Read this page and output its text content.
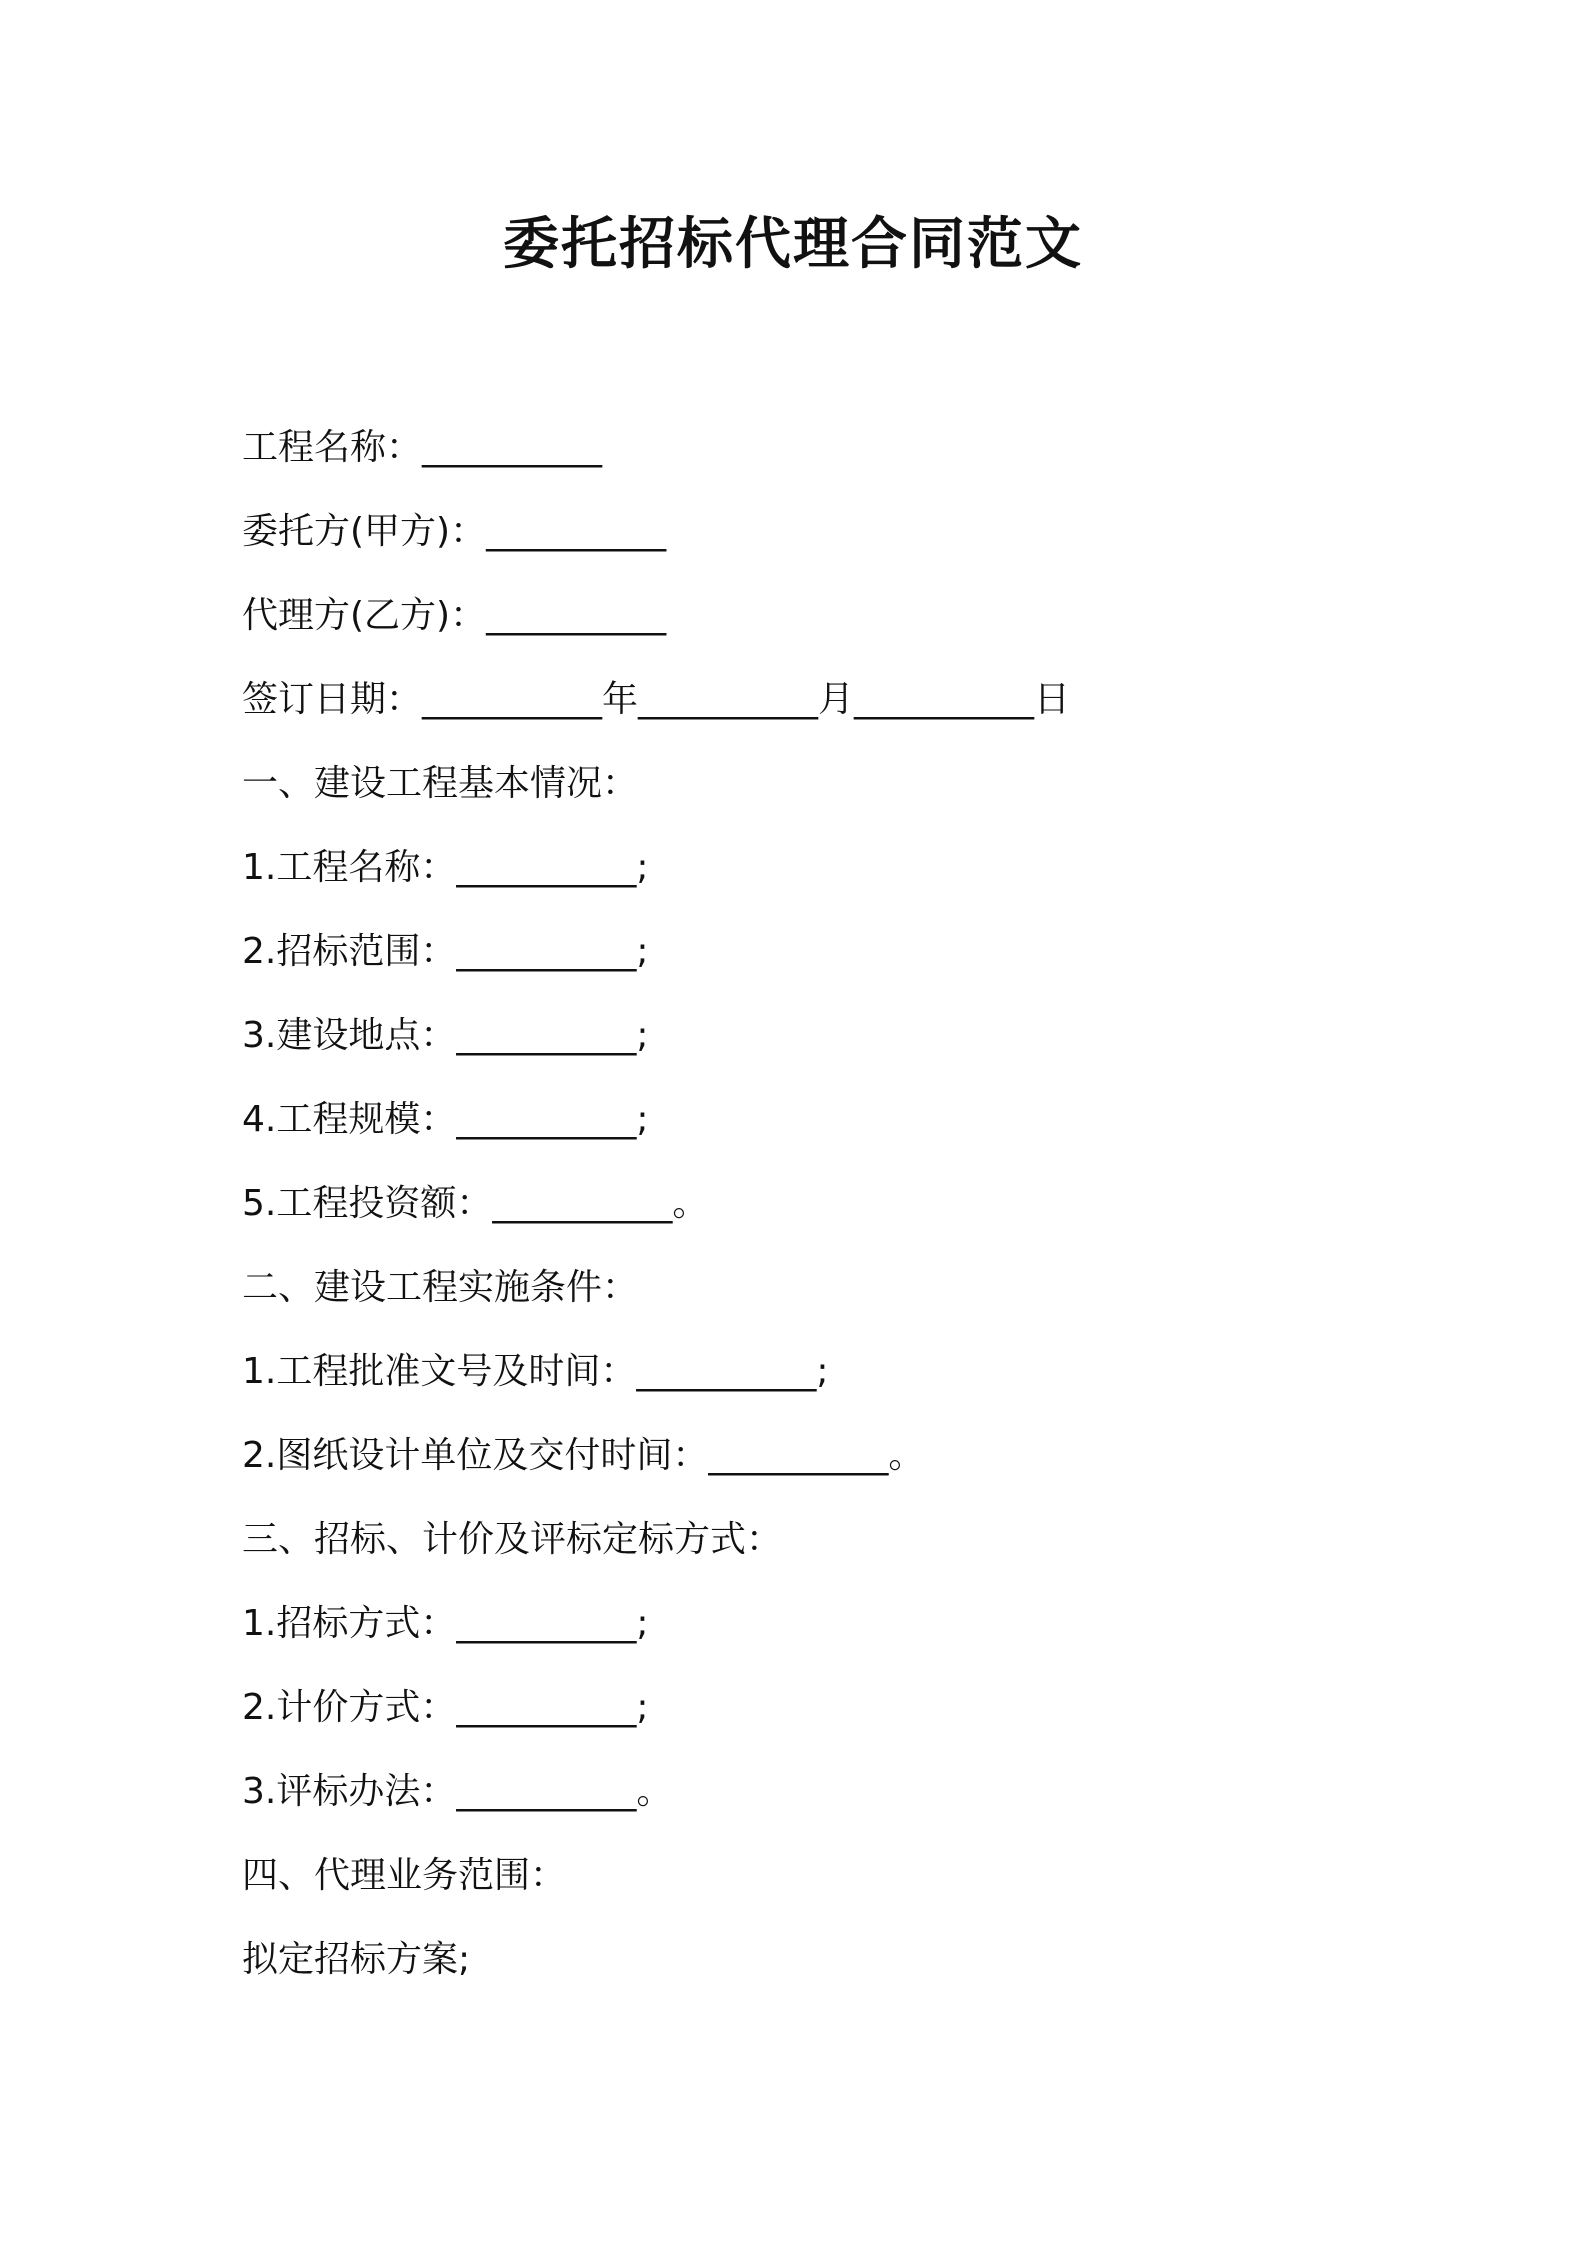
委托招标代理合同范文

工程名称：__________

委托方(甲方)：__________

代理方(乙方)：__________

签订日期：__________年__________月__________日

一、建设工程基本情况：

1.工程名称：__________;

2.招标范围：__________;

3.建设地点：__________;

4.工程规模：__________;

5.工程投资额：__________。

二、建设工程实施条件：

1.工程批准文号及时间：__________;

2.图纸设计单位及交付时间：__________。

三、招标、计价及评标定标方式：

1.招标方式：__________;

2.计价方式：__________;

3.评标办法：__________。

四、代理业务范围：

拟定招标方案;
